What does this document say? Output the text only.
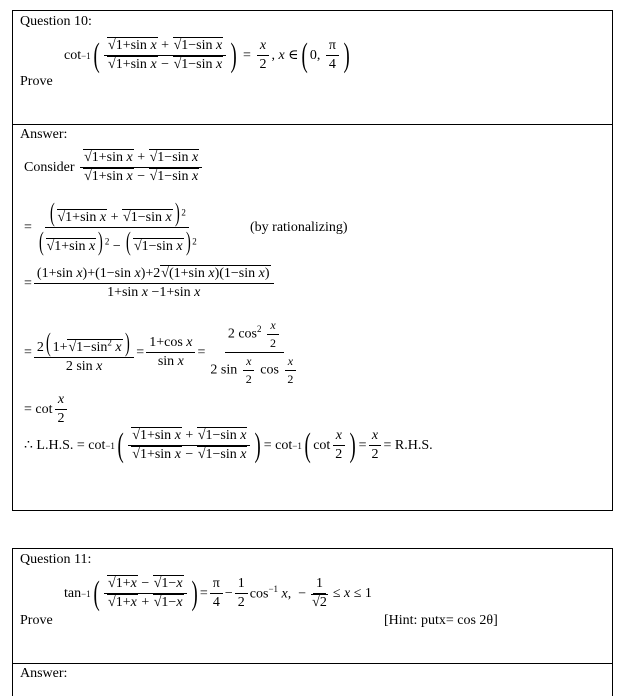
Question 10:
Prove
cot −1 ( $\frac{\text{√1+sin x + √1−sin x}}{\text{√1+sin x − √1−sin x}}$ ) = $\frac{x}{2}$ , x ∈ ( 0, $\frac{\pi}{4}$ )
Answer:
Consider
$\frac{\text{√1+sin x + √1−sin x}}{\text{√1+sin x − √1−sin x}}$
= $\frac{( √1+\sin x + √1-\sin x ) ^2}{( √1+\sin x ) ^2 - ( √1-\sin x ) ^2}$	(by rationalizing)
= $\frac{\text{(1+sin x)+(1−sin x)+2√(1+sin x)(1−sin x)}}{\text{1+sin x −1+sin x}}$
= $\frac{2( 1+√1-\sin^2 x )}{\text{2 sin x}} = \frac{\text{1+cos x}}{\text{sin x}} = \frac{2 \cos^2 \frac{x}{2}}{2 \sin \frac{x}{2} \cos \frac{x}{2}}$
= $\cot \frac{x}{2}$
∴ L.H.S. = cot −1 ( $\frac{\text{√1+sin x + √1−sin x}}{\text{√1+sin x − √1−sin x}}$ ) = cot −1 ( $\cot \frac{x}{2}$ ) = $\frac{x}{2} = R.H.S$.
Question 11:
Prove
tan −1 ( $\frac{√1+x - √1-x}{√1+x + √1-x}$ ) = $\frac{\pi}{4} - \frac{1}{2} \cos^{-1} x$,  − $\frac{1}{√2} \le x \le 1$
[Hint: putx= cos 2θ]
Answer:
